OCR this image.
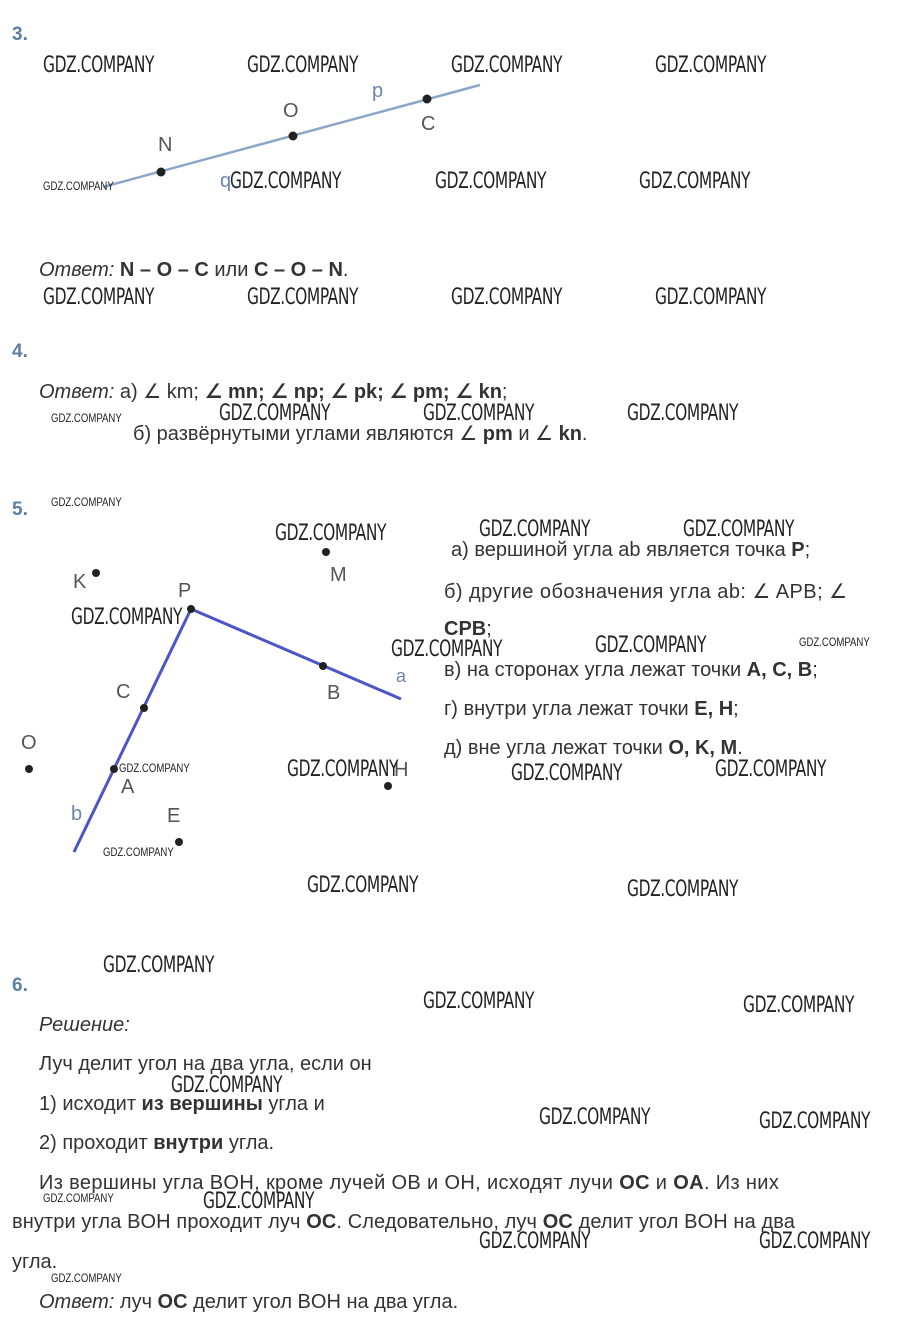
3.
N
O
p
C
q
Ответ: N – O – C или C – O – N.
4.
Ответ: а) ∠ km; ∠ mn; ∠ np; ∠ pk; ∠ pm; ∠ kn;
б) развёрнутыми углами являются ∠ pm и ∠ kn.
5.
K	P
M
C	B
a
O
A
H
b	E
а) вершиной угла ab является точка P;
б) другие обозначения угла ab: ∠ APB; ∠
CPB;
в) на сторонах угла лежат точки A, C, B;
г) внутри угла лежат точки E, H;
д) вне угла лежат точки O, K, M.
6.
Решение:
Луч делит угол на два угла, если он
1) исходит из вершины угла и
2) проходит внутри угла.
Из вершины угла BOH, кроме лучей OB и OH, исходят лучи OC и OA. Из них
внутри угла BOH проходит луч OC. Следовательно, луч OC делит угол BOH на два
угла.
Ответ: луч OC делит угол BOH на два угла.
GDZ.COMPANY	GDZ.COMPANY	GDZ.COMPANY	GDZ.COMPANY
GDZ.COMPANY	GDZ.COMPANY	GDZ.COMPANY	GDZ.COMPANY
GDZ.COMPANY	GDZ.COMPANY	GDZ.COMPANY	GDZ.COMPANY
GDZ.COMPANY	GDZ.COMPANY	GDZ.COMPANY	GDZ.COMPANY
GDZ.COMPANY
GDZ.COMPANY	GDZ.COMPANY	GDZ.COMPANY
GDZ.COMPANY
GDZ.COMPANY	GDZ.COMPANY	GDZ.COMPANY
GDZ.COMPANY	GDZ.COMPANY	GDZ.COMPANY	GDZ.COMPANY
GDZ.COMPANY
GDZ.COMPANY	GDZ.COMPANY
GDZ.COMPANY
GDZ.COMPANY	GDZ.COMPANY
GDZ.COMPANY
GDZ.COMPANY	GDZ.COMPANY
GDZ.COMPANY	GDZ.COMPANY
GDZ.COMPANY	GDZ.COMPANY
GDZ.COMPANY
